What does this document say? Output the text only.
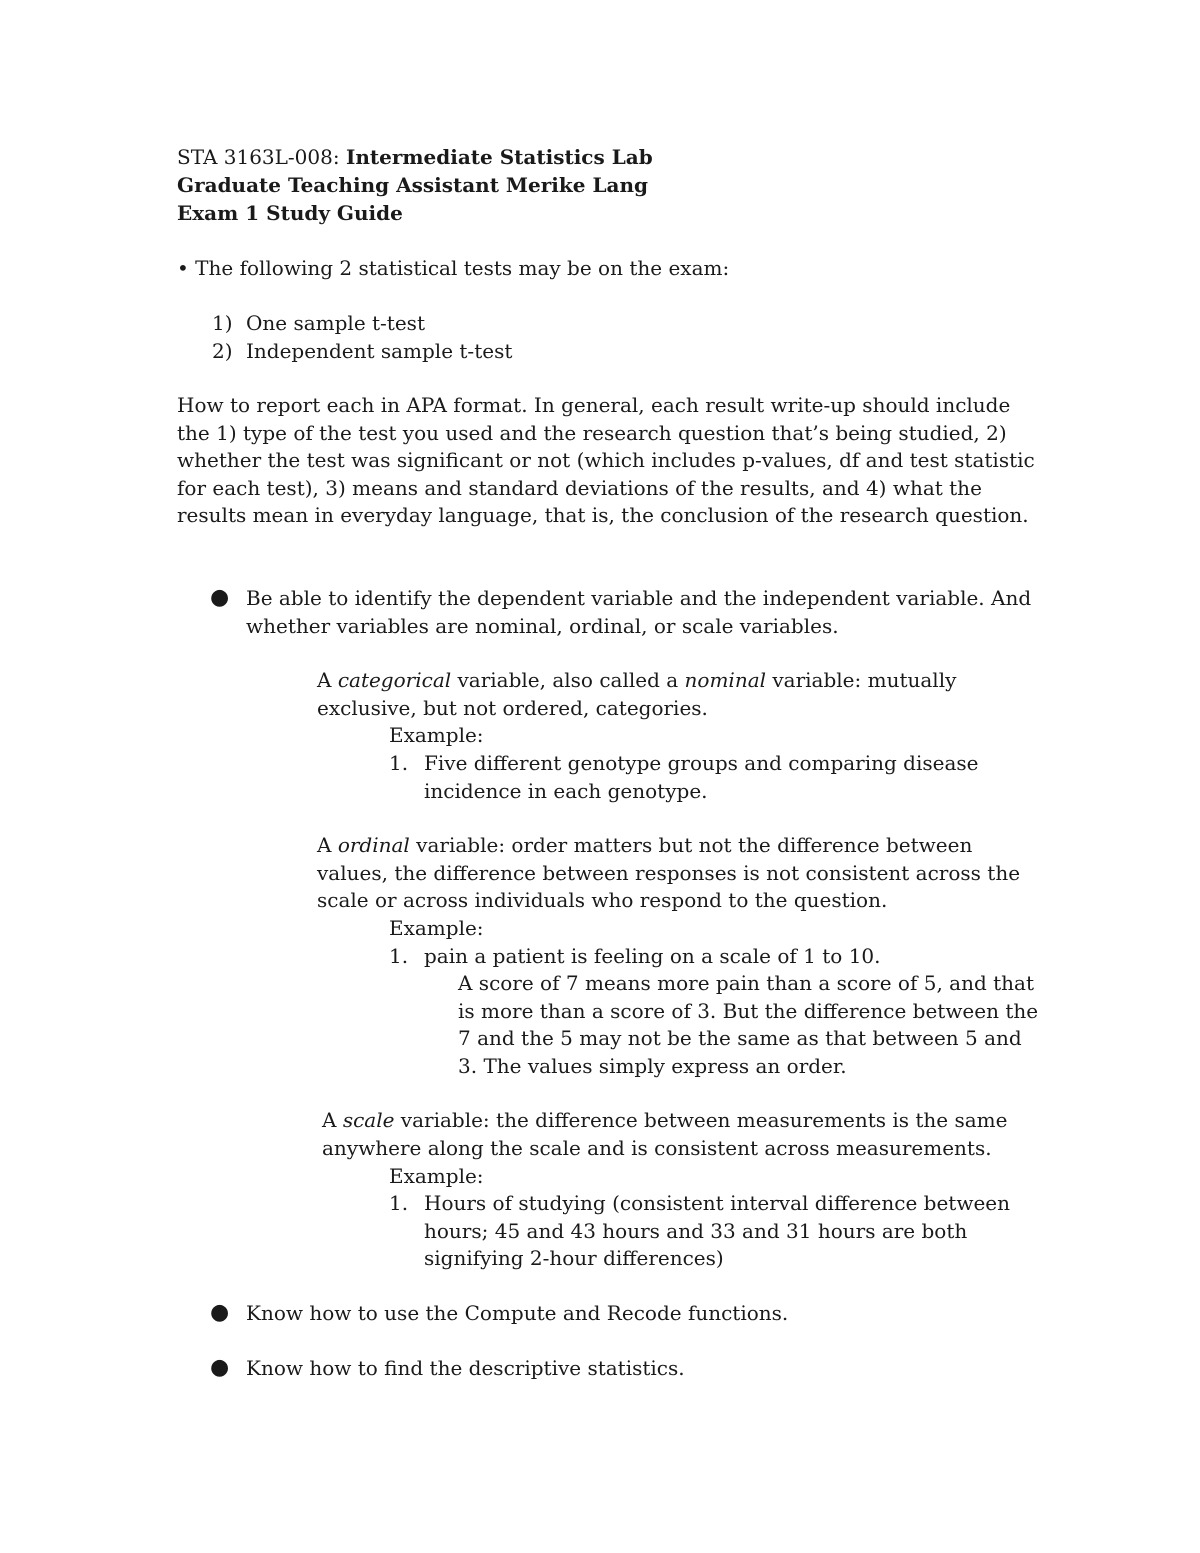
STA 3163L-008: Intermediate Statistics Lab
Graduate Teaching Assistant Merike Lang
Exam 1 Study Guide
• The following 2 statistical tests may be on the exam:
1) One sample t-test
2) Independent sample t-test
How to report each in APA format. In general, each result write-up should include
the 1) type of the test you used and the research question that’s being studied, 2)
whether the test was significant or not (which includes p-values, df and test statistic
for each test), 3) means and standard deviations of the results, and 4) what the
results mean in everyday language, that is, the conclusion of the research question.
● Be able to identify the dependent variable and the independent variable. And
whether variables are nominal, ordinal, or scale variables.
A categorical variable, also called a nominal variable: mutually
exclusive, but not ordered, categories.
Example:
1. Five different genotype groups and comparing disease
incidence in each genotype.
A ordinal variable: order matters but not the difference between
values, the difference between responses is not consistent across the
scale or across individuals who respond to the question.
Example:
1. pain a patient is feeling on a scale of 1 to 10.
A score of 7 means more pain than a score of 5, and that
is more than a score of 3. But the difference between the
7 and the 5 may not be the same as that between 5 and
3. The values simply express an order.
A scale variable: the difference between measurements is the same
anywhere along the scale and is consistent across measurements.
Example:
1. Hours of studying (consistent interval difference between
hours; 45 and 43 hours and 33 and 31 hours are both
signifying 2-hour differences)
● Know how to use the Compute and Recode functions.
● Know how to find the descriptive statistics.
